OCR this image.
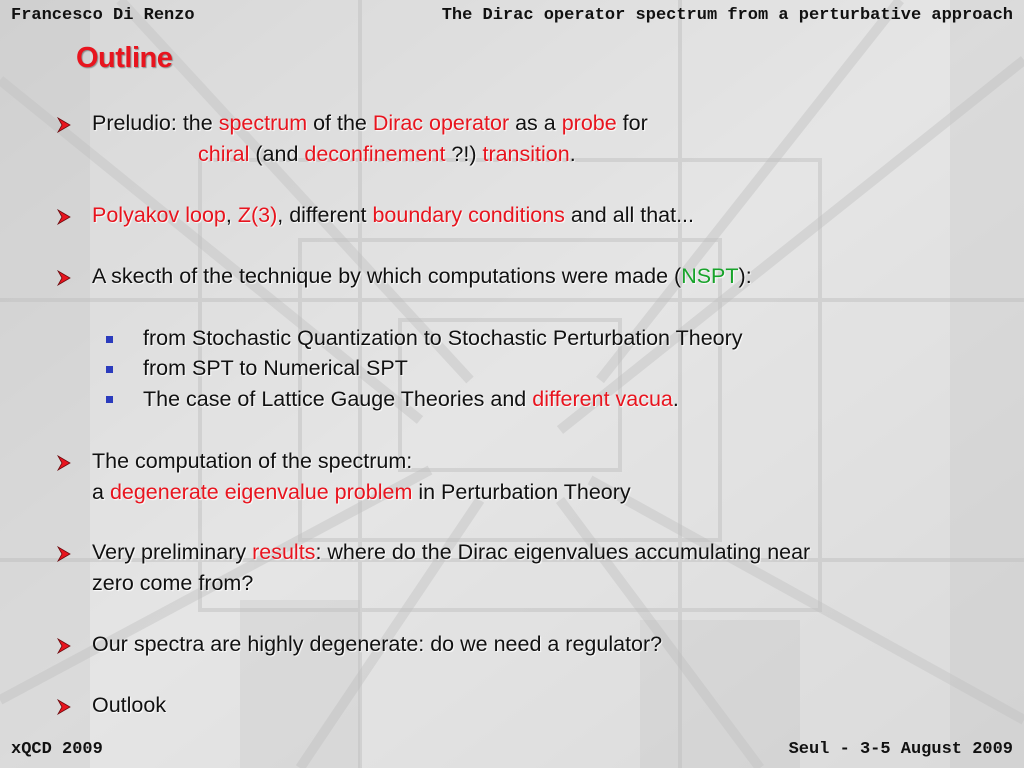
Francesco Di Renzo	The Dirac operator spectrum from a perturbative approach
Outline
Preludio: the spectrum of the Dirac operator as a probe for
chiral (and deconfinement ?!) transition.
Polyakov loop, Z(3), different boundary conditions and all that...
A skecth of the technique by which computations were made (NSPT):
from Stochastic Quantization to Stochastic Perturbation Theory
from SPT to Numerical SPT
The case of Lattice Gauge Theories and different vacua.
The computation of the spectrum:
a degenerate eigenvalue problem in Perturbation Theory
Very preliminary results: where do the Dirac eigenvalues accumulating near
zero come from?
Our spectra are highly degenerate: do we need a regulator?
Outlook
xQCD 2009	Seul - 3-5 August 2009
